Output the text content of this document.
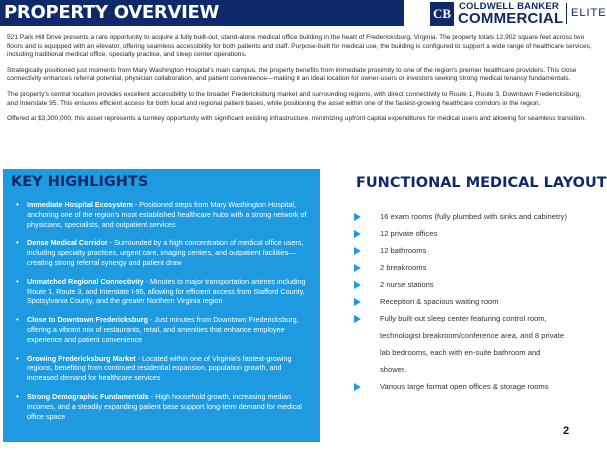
PROPERTY OVERVIEW	CB COLDWELL BANKER
COMMERCIAL ELITE

521 Park Hill Drive presents a rare opportunity to acquire a fully built-out, stand-alone medical office building in the heart of Fredericksburg, Virginia. The property totals 12,902 square feet across two floors and is equipped with an elevator, offering seamless accessibility for both patients and staff. Purpose-built for medical use, the building is configured to support a wide range of healthcare services, including traditional medical office, specialty practice, and sleep center operations.

Strategically positioned just moments from Mary Washington Hospital's main campus, the property benefits from immediate proximity to one of the region's premier healthcare providers. This close connectivity enhances referral potential, physician collaboration, and patient convenience—making it an ideal location for owner-users or investors seeking strong medical tenancy fundamentals.

The property's central location provides excellent accessibility to the broader Fredericksburg market and surrounding regions, with direct connectivity to Route 1, Route 3, Downtown Fredericksburg, and Interstate 95. This ensures efficient access for both local and regional patient bases, while positioning the asset within one of the fastest-growing healthcare corridors in the region.

Offered at $3,300,000, this asset represents a turnkey opportunity with significant existing infrastructure, minimizing upfront capital expenditures for medical users and allowing for seamless transition.

KEY HIGHLIGHTS
• Immediate Hospital Ecosystem - Positioned steps from Mary Washington Hospital, anchoring one of the region's most established healthcare hubs with a strong network of physicians, specialists, and outpatient services
• Dense Medical Corridor - Surrounded by a high concentration of medical office users, including specialty practices, urgent care, imaging centers, and outpatient facilities—creating strong referral synergy and patient draw
• Unmatched Regional Connectivity - Minutes to major transportation arteries including Route 1, Route 3, and Interstate I-95, allowing for efficient access from Stafford County, Spotsylvania County, and the greater Northern Virginia region
• Close to Downtown Fredericksburg - Just minutes from Downtown Fredericksburg, offering a vibrant mix of restaurants, retail, and amenities that enhance employee experience and patient convenience
• Growing Fredericksburg Market - Located within one of Virginia's fastest-growing regions, benefiting from continued residential expansion, population growth, and increased demand for healthcare services
• Strong Demographic Fundamentals - High household growth, increasing median incomes, and a steadily expanding patient base support long-term demand for medical office space
FUNCTIONAL MEDICAL LAYOUT
16 exam rooms (fully plumbed with sinks and cabinetry)
12 private offices
12 bathrooms
2 breakrooms
2 nurse stations
Reception & spacious waiting room
Fully built-out sleep center featuring control room,
technologist breakroom/conference area, and 8 private
lab bedrooms, each with en-suite bathroom and
shower.
Various large format open offices & storage rooms
2
